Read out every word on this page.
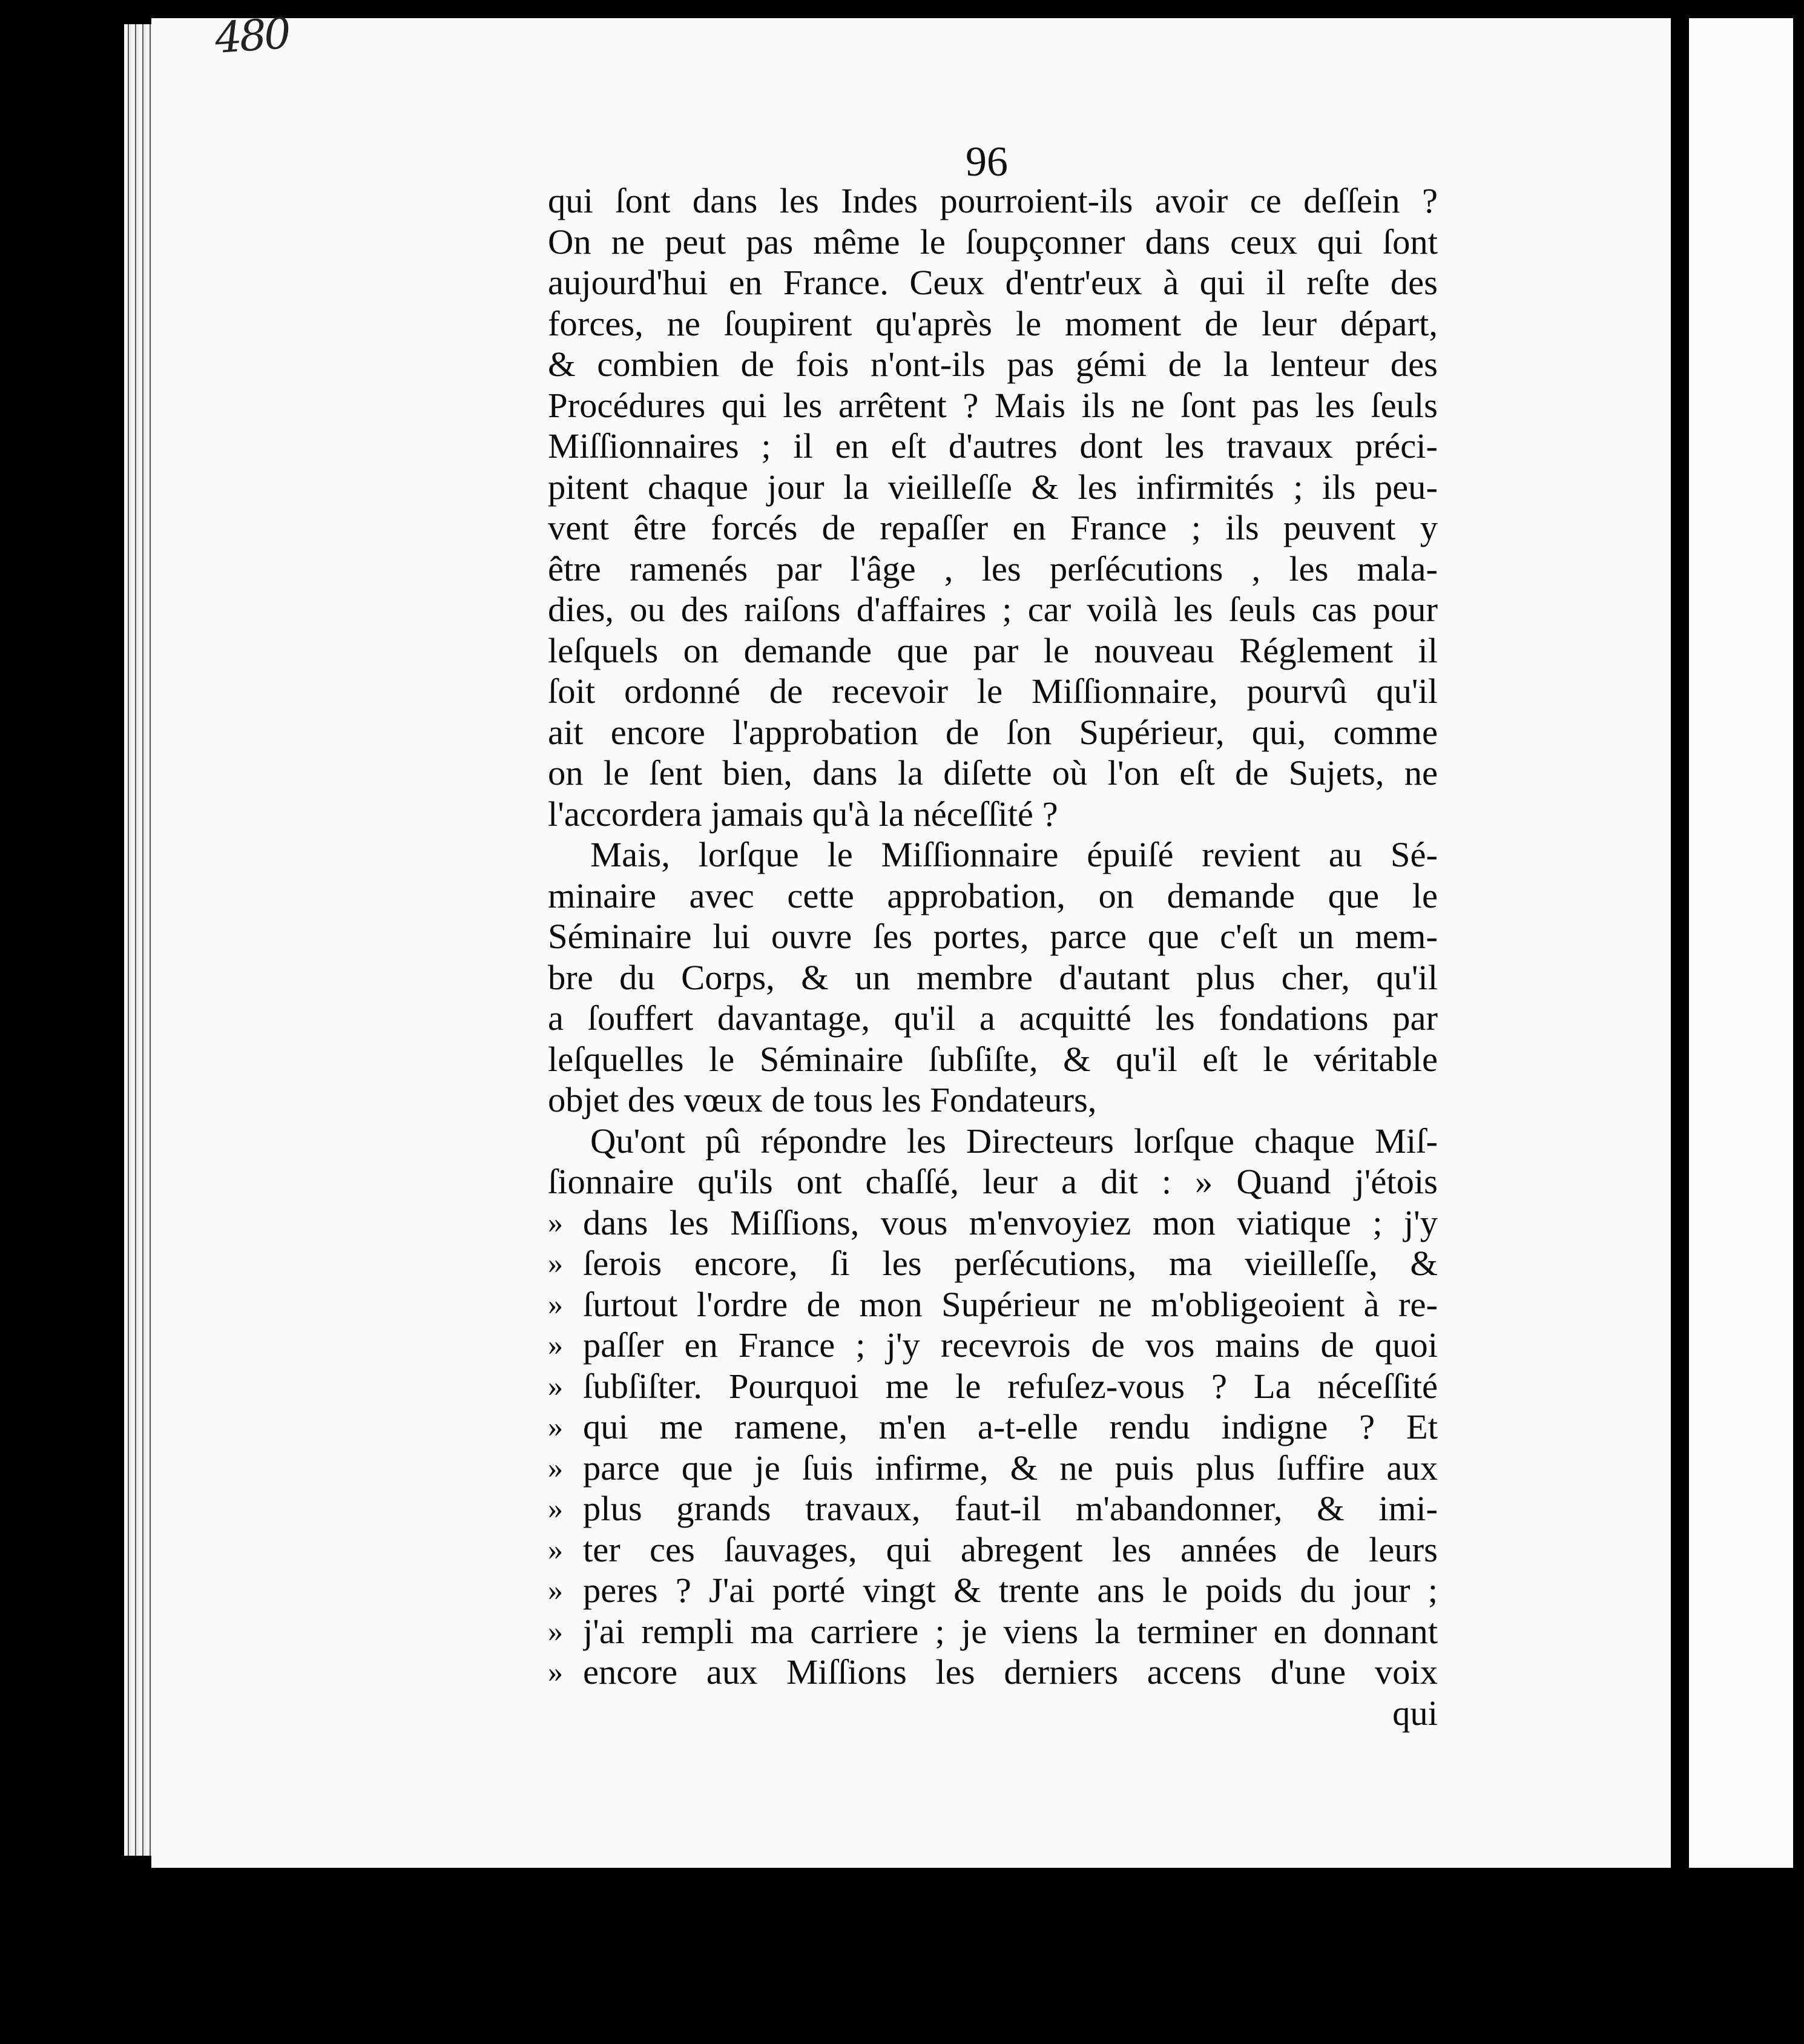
480
96
qui ſont dans les Indes pourroient-ils avoir ce deſſein ?
On ne peut pas même le ſoupçonner dans ceux qui ſont
aujourd'hui en France. Ceux d'entr'eux à qui il reſte des
forces, ne ſoupirent qu'après le moment de leur départ,
& combien de fois n'ont-ils pas gémi de la lenteur des
Procédures qui les arrêtent ? Mais ils ne ſont pas les ſeuls
Miſſionnaires ; il en eſt d'autres dont les travaux préci-
pitent chaque jour la vieilleſſe & les infirmités ; ils peu-
vent être forcés de repaſſer en France ; ils peuvent y
être ramenés par l'âge , les perſécutions , les mala-
dies, ou des raiſons d'affaires ; car voilà les ſeuls cas pour
leſquels on demande que par le nouveau Réglement il
ſoit ordonné de recevoir le Miſſionnaire, pourvû qu'il
ait encore l'approbation de ſon Supérieur, qui, comme
on le ſent bien, dans la diſette où l'on eſt de Sujets, ne
l'accordera jamais qu'à la néceſſité ?
Mais, lorſque le Miſſionnaire épuiſé revient au Sé-
minaire avec cette approbation, on demande que le
Séminaire lui ouvre ſes portes, parce que c'eſt un mem-
bre du Corps, & un membre d'autant plus cher, qu'il
a ſouffert davantage, qu'il a acquitté les fondations par
leſquelles le Séminaire ſubſiſte, & qu'il eſt le véritable
objet des vœux de tous les Fondateurs,
Qu'ont pû répondre les Directeurs lorſque chaque Miſ-
ſionnaire qu'ils ont chaſſé, leur a dit : » Quand j'étois
» dans les Miſſions, vous m'envoyiez mon viatique ; j'y
» ſerois encore, ſi les perſécutions, ma vieilleſſe, &
» ſurtout l'ordre de mon Supérieur ne m'obligeoient à re-
» paſſer en France ; j'y recevrois de vos mains de quoi
» ſubſiſter. Pourquoi me le refuſez-vous ? La néceſſité
» qui me ramene, m'en a-t-elle rendu indigne ? Et
» parce que je ſuis infirme, & ne puis plus ſuffire aux
» plus grands travaux, faut-il m'abandonner, & imi-
» ter ces ſauvages, qui abregent les années de leurs
» peres ? J'ai porté vingt & trente ans le poids du jour ;
» j'ai rempli ma carriere ; je viens la terminer en donnant
» encore aux Miſſions les derniers accens d'une voix
qui
